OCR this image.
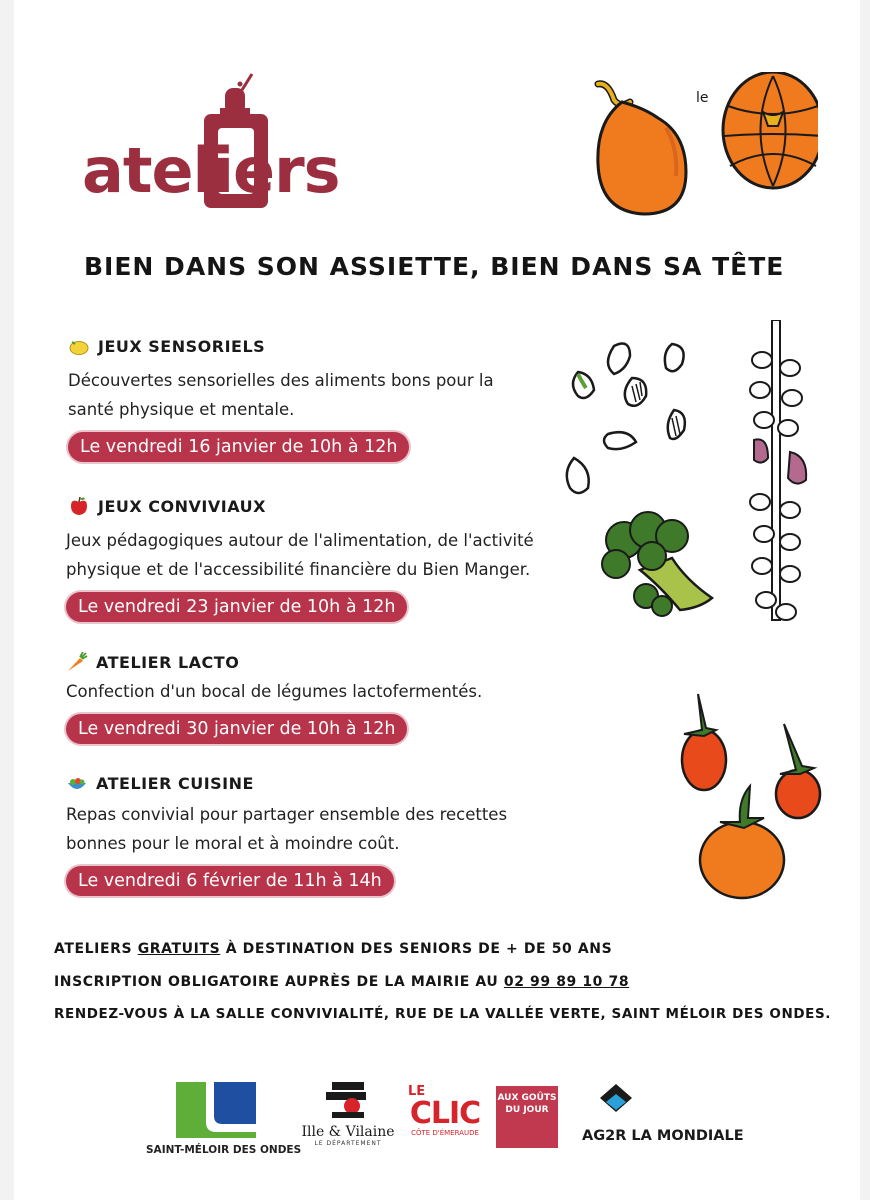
ateliers
le
BIEN DANS SON ASSIETTE, BIEN DANS SA TÊTE
JEUX SENSORIELS
Découvertes sensorielles des aliments bons pour la
santé physique et mentale.
Le vendredi 16 janvier de 10h à 12h
JEUX CONVIVIAUX
Jeux pédagogiques autour de l'alimentation, de l'activité
physique et de l'accessibilité financière du Bien Manger.
Le vendredi 23 janvier de 10h à 12h
ATELIER LACTO
Confection d'un bocal de légumes lactofermentés.
Le vendredi 30 janvier de 10h à 12h
ATELIER CUISINE
Repas convivial pour partager ensemble des recettes
bonnes pour le moral et à moindre coût.
Le vendredi 6 février de 11h à 14h
ATELIERS GRATUITS À DESTINATION DES SENIORS DE + DE 50 ANS
INSCRIPTION OBLIGATOIRE AUPRÈS DE LA MAIRIE AU 02 99 89 10 78
RENDEZ-VOUS À LA SALLE CONVIVIALITÉ, RUE DE LA VALLÉE VERTE, SAINT MÉLOIR DES ONDES.
SAINT-MÉLOIR DES ONDES
Ille & Vilaine
LE DÉPARTEMENT
LE
CLIC
CÔTE D'ÉMERAUDE
AUX GOÛTS DU JOUR
AG2R LA MONDIALE
